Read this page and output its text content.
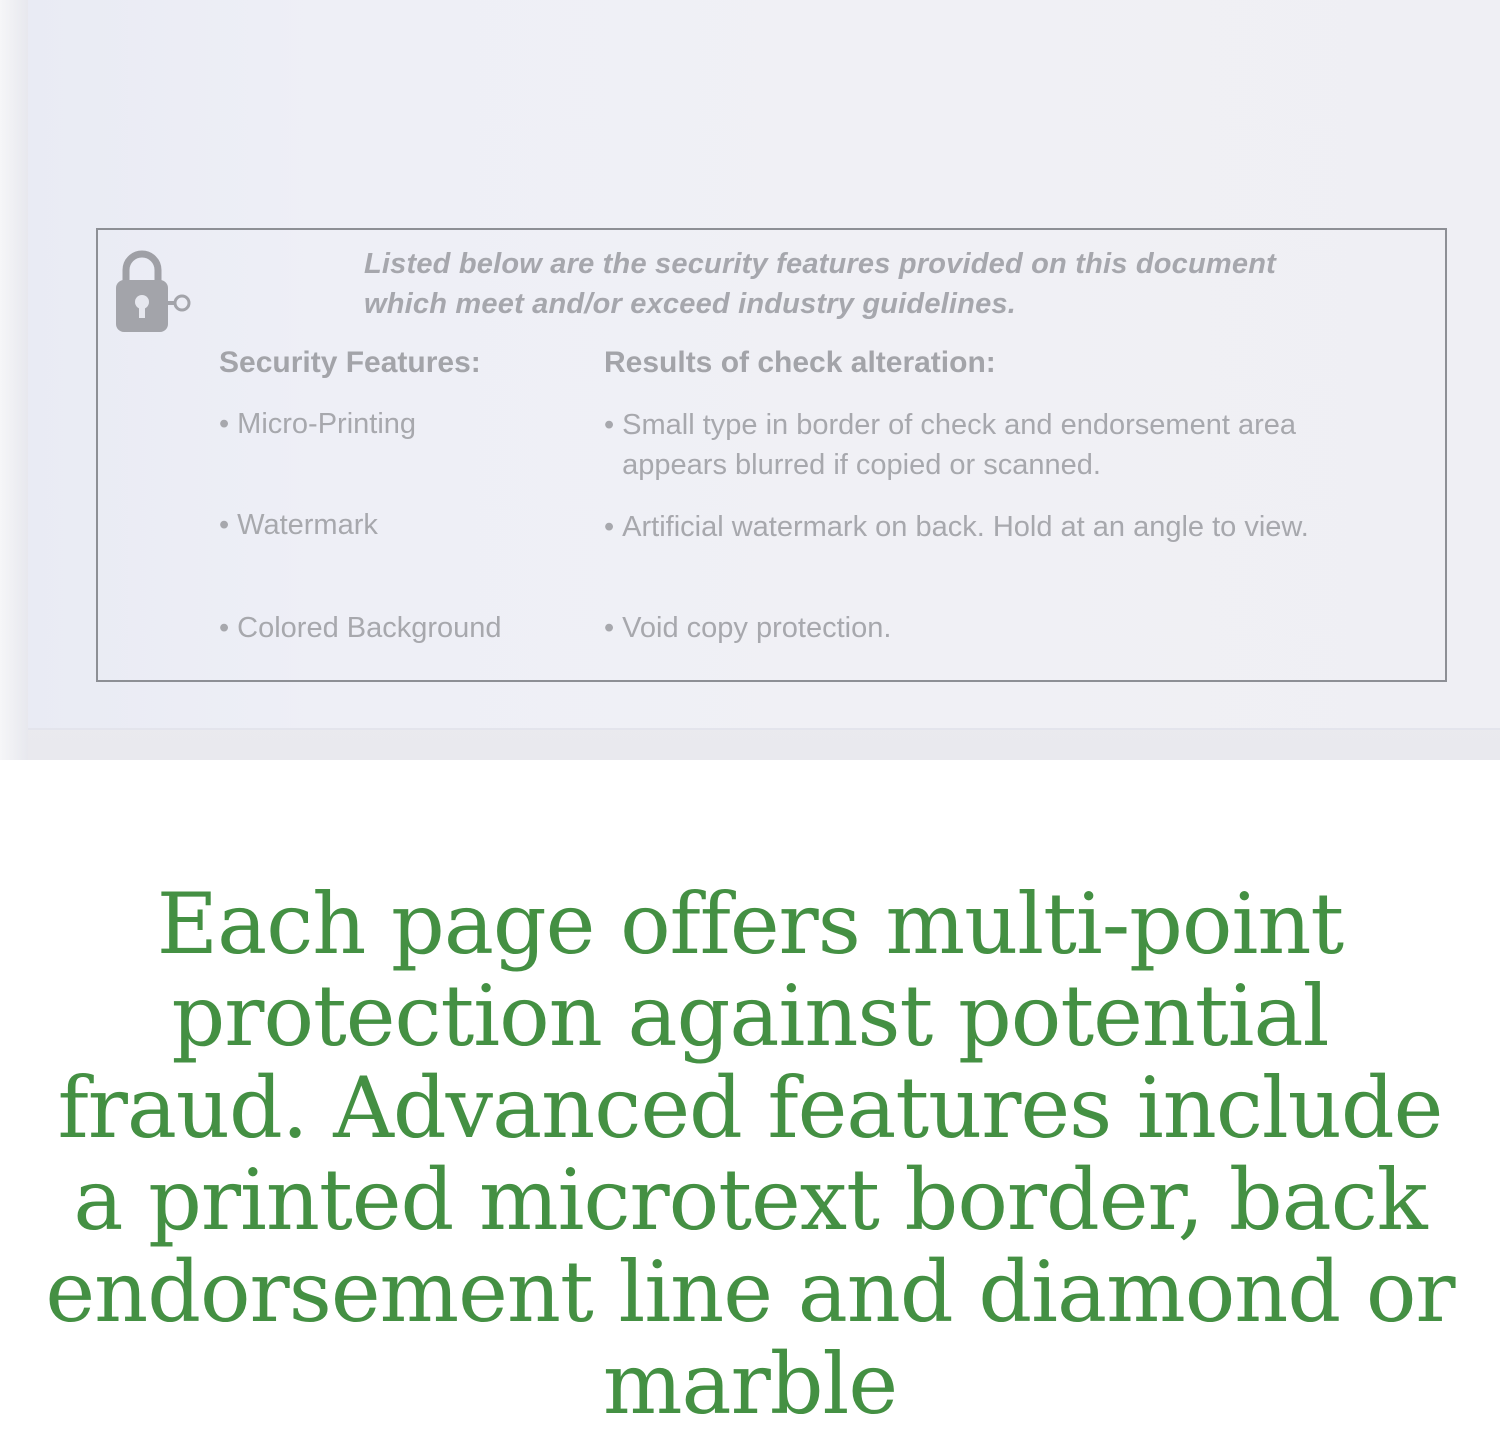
Listed below are the security features provided on this document
which meet and/or exceed industry guidelines.
Security Features:	Results of check alteration:
• Micro-Printing	• Small type in border of check and endorsement area appears blurred if copied or scanned.
• Watermark	• Artificial watermark on back. Hold at an angle to view.
• Colored Background	• Void copy protection.
Each page offers multi-point protection against potential fraud. Advanced features include a printed microtext border, back endorsement line and diamond or marble
